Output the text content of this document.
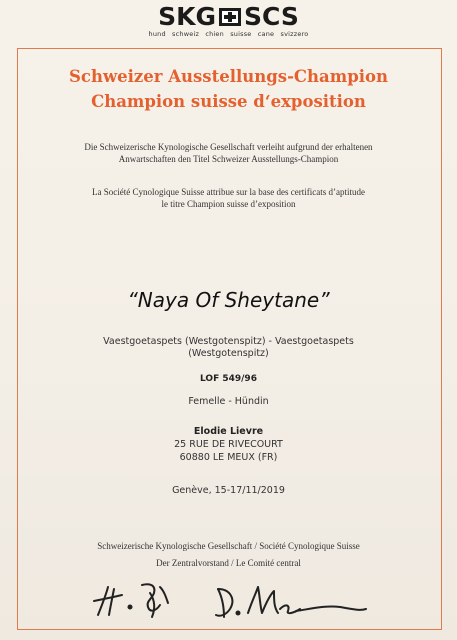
SKG SCS
hund schweiz chien suisse cane svizzero
Schweizer Ausstellungs-Champion
Champion suisse d‘exposition
Die Schweizerische Kynologische Gesellschaft verleiht aufgrund der erhaltenen
Anwartschaften den Titel Schweizer Ausstellungs-Champion
La Société Cynologique Suisse attribue sur la base des certificats d’aptitude
le titre Champion suisse d’exposition
“Naya Of Sheytane”
Vaestgoetaspets (Westgotenspitz) - Vaestgoetaspets
(Westgotenspitz)
LOF 549/96
Femelle - Hündin
Elodie Lievre
25 RUE DE RIVECOURT
60880 LE MEUX (FR)
Genève, 15-17/11/2019
Schweizerische Kynologische Gesellschaft / Société Cynologique Suisse
Der Zentralvorstand / Le Comité central
